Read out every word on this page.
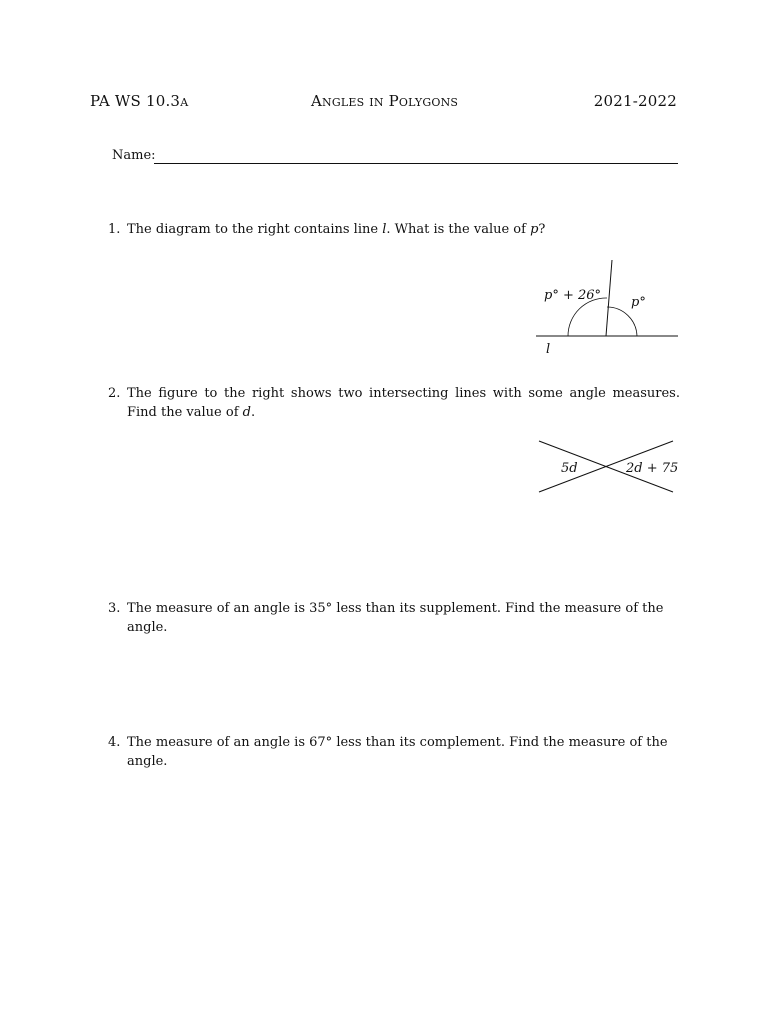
PA WS 10.3a	Angles in Polygons	2021-2022
Name:
1. The diagram to the right contains line l. What is the value of p?
p° + 26° p°
l
2. The figure to the right shows two intersecting lines with some angle measures. Find the value of d.
5d	2d + 75
3. The measure of an angle is 35° less than its supplement. Find the measure of the angle.
4. The measure of an angle is 67° less than its complement. Find the measure of the angle.
